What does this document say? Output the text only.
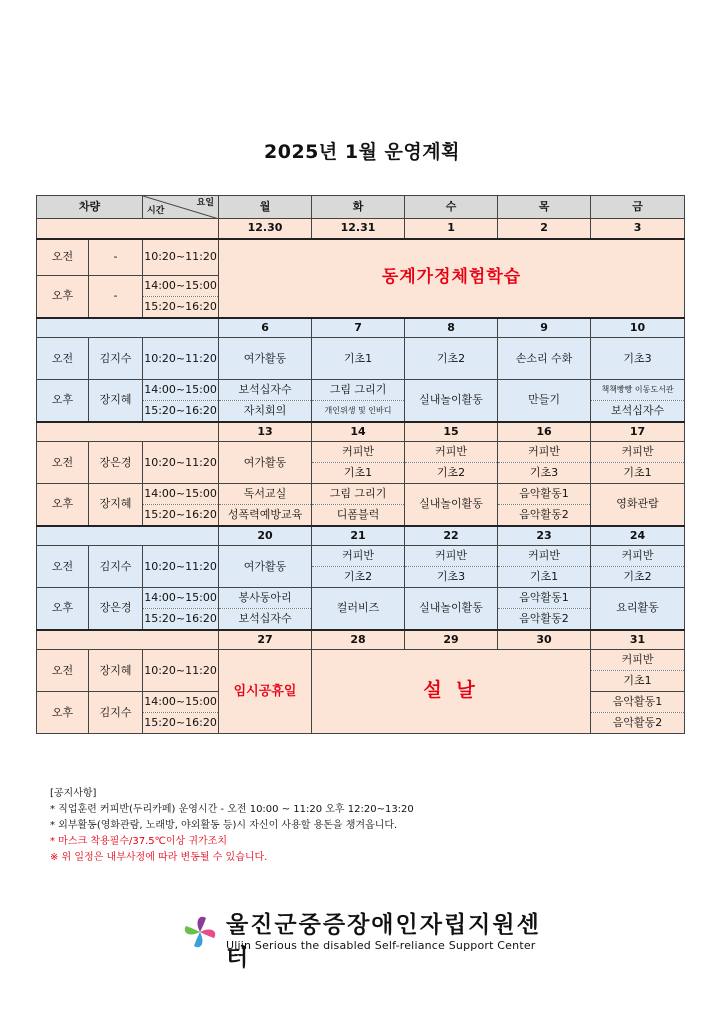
2025년 1월 운영계획
차량		요일
시간	월	화	수	목	금
			12.30	12.31	1	2	3
오전	-	10:20~11:20	동계가정체험학습				
오후	-	14:00~15:00					
		15:20~16:20					
			6	7	8	9	10
오전	김지수	10:20~11:20	여가활동	기초1	기초2	손소리 수화	기초3
오후	장지혜	14:00~15:00	보석십자수	그림 그리기	실내놀이활동	만들기	책책빵빵 이동도서관
		15:20~16:20	자치회의	개인위생 및 인바디			보석십자수
			13	14	15	16	17
오전	장은경	10:20~11:20	여가활동	커피반	커피반	커피반	커피반
				기초1	기초2	기초3	기초1
오후	장지혜	14:00~15:00	독서교실	그림 그리기	실내놀이활동	음악활동1	영화관람
		15:20~16:20	성폭력예방교육	디폼블럭		음악활동2	
			20	21	22	23	24
오전	김지수	10:20~11:20	여가활동	커피반	커피반	커피반	커피반
				기초2	기초3	기초1	기초2
오후	장은경	14:00~15:00	봉사동아리	컬러비즈	실내놀이활동	음악활동1	요리활동
		15:20~16:20	보석십자수			음악활동2	
			27	28	29	30	31
오전	장지혜	10:20~11:20	임시공휴일	설 날			커피반
							기초1
오후	김지수	14:00~15:00					음악활동1
		15:20~16:20					음악활동2
[공지사항]
* 직업훈련 커피반(두리카페) 운영시간 - 오전 10:00 ~ 11:20 오후 12:20~13:20
* 외부활동(영화관람, 노래방, 야외활동 등)시 자신이 사용할 용돈을 챙겨옵니다.
* 마스크 착용필수/37.5℃이상 귀가조치
※ 위 일정은 내부사정에 따라 변동될 수 있습니다.
울진군중증장애인자립지원센터
Uljin Serious the disabled Self-reliance Support Center
